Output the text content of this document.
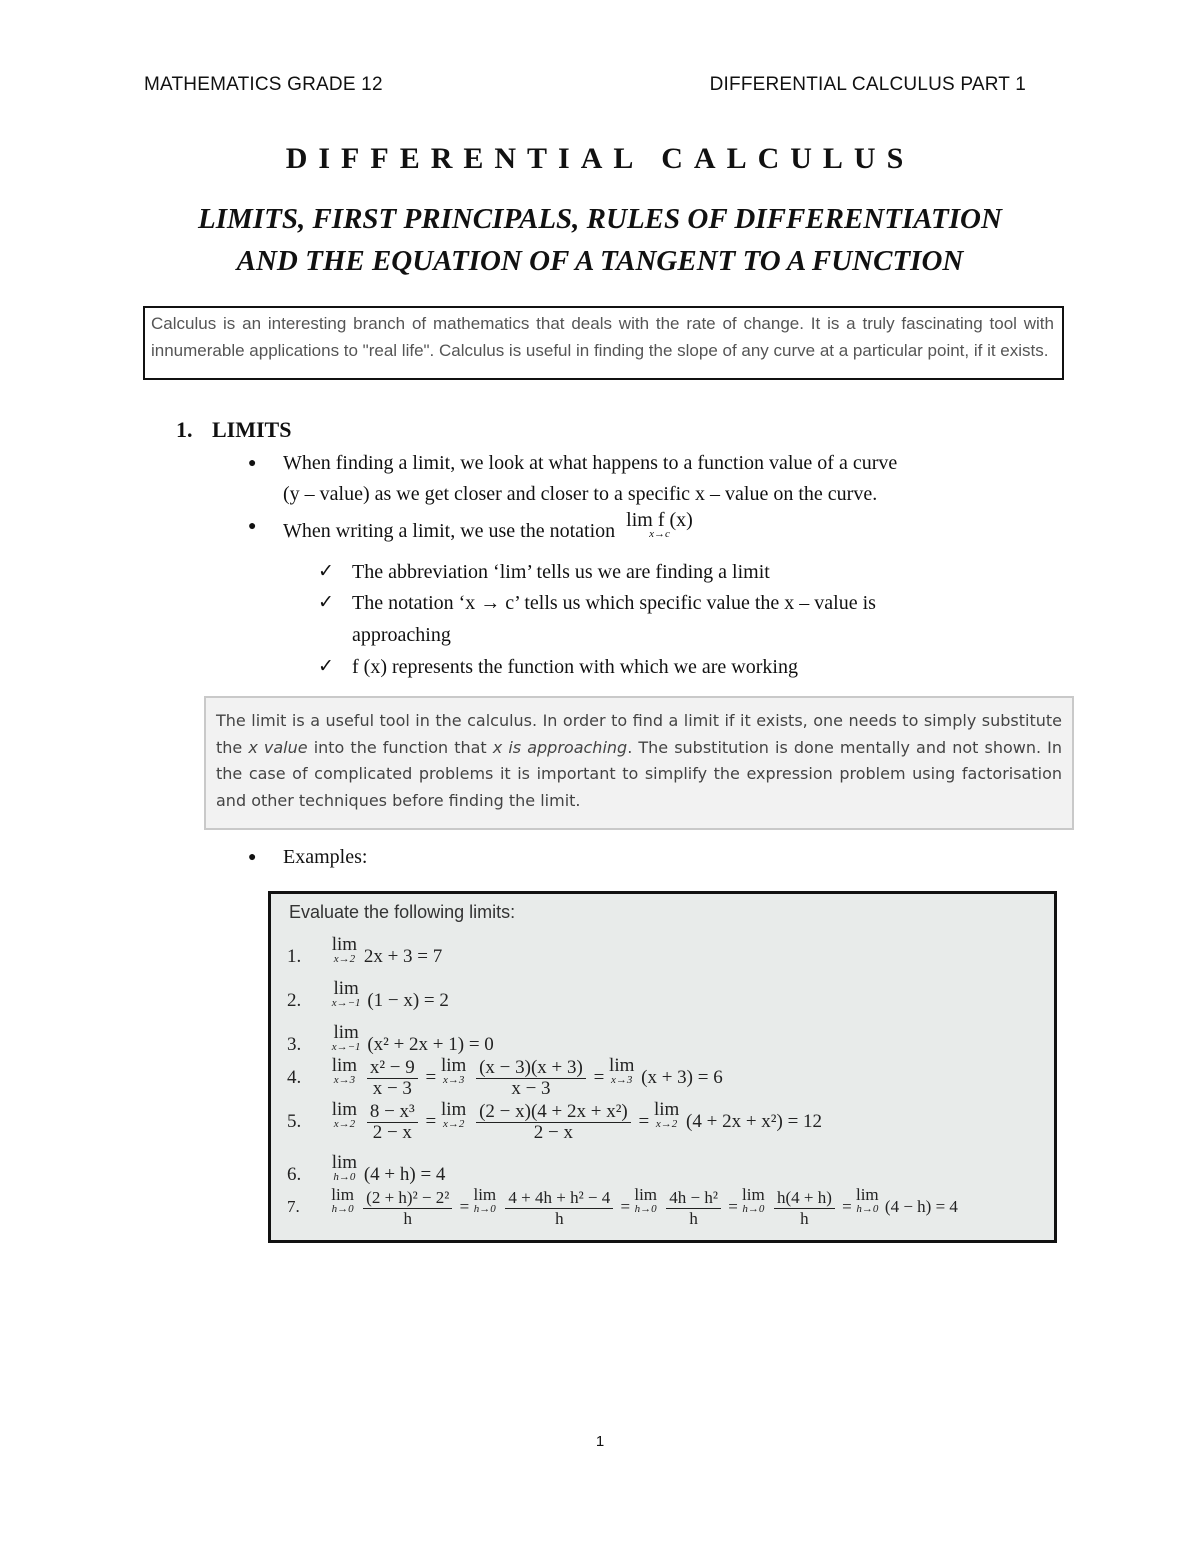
MATHEMATICS GRADE 12	DIFFERENTIAL CALCULUS PART 1
DIFFERENTIAL CALCULUS
LIMITS, FIRST PRINCIPALS, RULES OF DIFFERENTIATION
AND THE EQUATION OF A TANGENT TO A FUNCTION
Calculus is an interesting branch of mathematics that deals with the rate of change. It is a truly fascinating tool with innumerable applications to "real life". Calculus is useful in finding the slope of any curve at a particular point, if it exists.
1. LIMITS
● When finding a limit, we look at what happens to a function value of a curve
(y – value) as we get closer and closer to a specific x – value on the curve.
● When writing a limit, we use the notation lim f (x)
x→c
✓ The abbreviation ‘lim’ tells us we are finding a limit
✓ The notation ‘x → c’ tells us which specific value the x – value is
approaching
✓ f (x) represents the function with which we are working
The limit is a useful tool in the calculus. In order to find a limit if it exists, one needs to simply substitute the x value into the function that x is approaching. The substitution is done mentally and not shown. In the case of complicated problems it is important to simplify the expression problem using factorisation and other techniques before finding the limit.
● Examples:
Evaluate the following limits:
1.
lim
x→2 2x + 3 = 7
2.
lim
x→−1 (1 − x) = 2
3.
lim
x→−1 (x² + 2x + 1) = 0
4.
lim
x→3
$\frac{\text{x² − 9}}{x - 3}$ =
lim
x→3
$\frac{(x - 3)(x + 3)}{x - 3}$ =
lim
x→3 (x + 3) = 6
5.
lim
x→2
$\frac{\text{8 − x³}}{2 - x}$ =
lim
x→2
$\frac{\text{(2 − x)(4 + 2x + x²)}}{2 - x}$ =
lim
x→2 (4 + 2x + x²) = 12
6.
lim
h→0 (4 + h) = 4
7.
lim
h→0
$\frac{\text{(2 + h)² − 2²}}{h}$ =
lim
h→0
$\frac{\text{4 + 4h + h² − 4}}{h}$ =
lim
h→0
$\frac{\text{4h − h²}}{h}$ =
lim
h→0
$\frac{h(4 + h)}{h}$ =
lim
h→0 (4 − h) = 4
1
